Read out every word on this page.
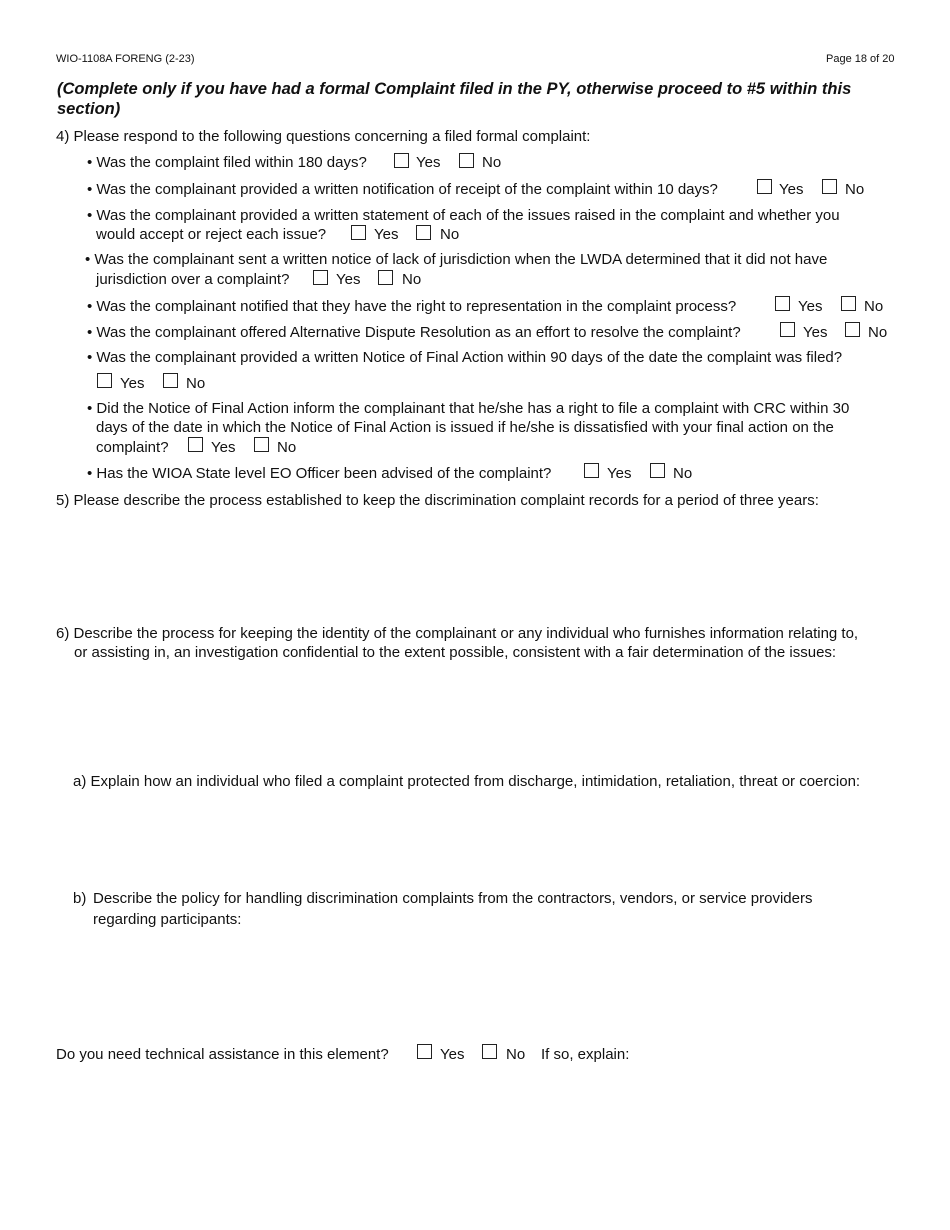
WIO-1108A FORENG (2-23)	Page 18 of 20
(Complete only if you have had a formal Complaint filed in the PY, otherwise proceed to #5 within this
section)
4) Please respond to the following questions concerning a filed formal complaint:
• Was the complaint filed within 180 days?	Yes	No
• Was the complainant provided a written notification of receipt of the complaint within 10 days?	Yes	No
• Was the complainant provided a written statement of each of the issues raised in the complaint and whether you
would accept or reject each issue?	Yes	No
• Was the complainant sent a written notice of lack of jurisdiction when the LWDA determined that it did not have
jurisdiction over a complaint?	Yes	No
• Was the complainant notified that they have the right to representation in the complaint process?	Yes	No
• Was the complainant offered Alternative Dispute Resolution as an effort to resolve the complaint?	Yes	No
• Was the complainant provided a written Notice of Final Action within 90 days of the date the complaint was filed?
Yes	No
• Did the Notice of Final Action inform the complainant that he/she has a right to file a complaint with CRC within 30
days of the date in which the Notice of Final Action is issued if he/she is dissatisfied with your final action on the
complaint?	Yes	No
• Has the WIOA State level EO Officer been advised of the complaint?	Yes	No
5) Please describe the process established to keep the discrimination complaint records for a period of three years:
6) Describe the process for keeping the identity of the complainant or any individual who furnishes information relating to,
or assisting in, an investigation confidential to the extent possible, consistent with a fair determination of the issues:
a) Explain how an individual who filed a complaint protected from discharge, intimidation, retaliation, threat or coercion:
b) Describe the policy for handling discrimination complaints from the contractors, vendors, or service providers
regarding participants:
Do you need technical assistance in this element?	Yes	No If so, explain:
